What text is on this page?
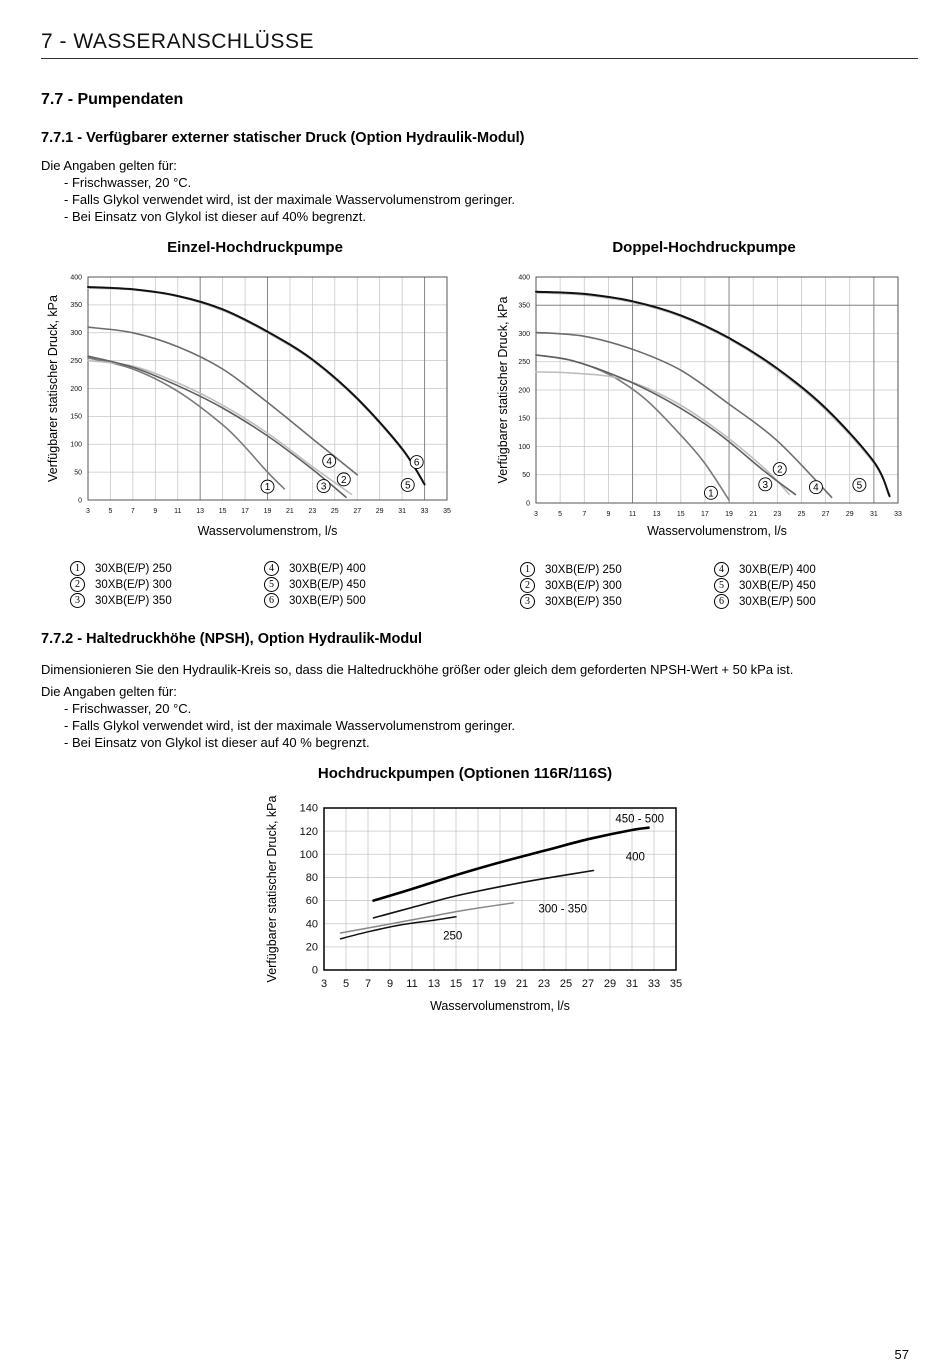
7 - WASSERANSCHLÜSSE
7.7 - Pumpendaten
7.7.1 - Verfügbarer externer statischer Druck (Option Hydraulik-Modul)
Die Angaben gelten für:
- Frischwasser, 20 °C.
- Falls Glykol verwendet wird, ist der maximale Wasservolumenstrom geringer.
- Bei Einsatz von Glykol ist dieser auf 40% begrenzt.
Einzel-Hochdruckpumpe	Doppel-Hochdruckpumpe
0
50
100
150
200
250
300
350
400
3	5	7	9 11 13 15 17 19 21 23 25 27 29 31 33 35
Wasservolumenstrom, l/s
Verfügbarer statischer Druck, kPa
1	3
2
4
5
6
0
50
100
150
200
250
300
350
400
3	5	7	9	11 13 15 17 19 21 23 25 27 29 31 33
Wasservolumenstrom, l/s
Verfügbarer statischer Druck, kPa
1
3
2
4	5
1 30XB(E/P) 250
2 30XB(E/P) 300
3 30XB(E/P) 350
4 30XB(E/P) 400
5 30XB(E/P) 450
6 30XB(E/P) 500
1 30XB(E/P) 250
2 30XB(E/P) 300
3 30XB(E/P) 350
4 30XB(E/P) 400
5 30XB(E/P) 450
6 30XB(E/P) 500
7.7.2 - Haltedruckhöhe (NPSH), Option Hydraulik-Modul
Dimensionieren Sie den Hydraulik-Kreis so, dass die Haltedruckhöhe größer oder gleich dem geforderten NPSH-Wert + 50 kPa ist.
Die Angaben gelten für:
- Frischwasser, 20 °C.
- Falls Glykol verwendet wird, ist der maximale Wasservolumenstrom geringer.
- Bei Einsatz von Glykol ist dieser auf 40 % begrenzt.
Hochdruckpumpen (Optionen 116R/116S)
0
20
40
60
80
100
120
140
3 5 7 9 11 13 15 17 19 21 23 25 27 29 31 33 35
Wasservolumenstrom, l/s
Verfügbarer statischer Druck, kPa	450 - 500
400
300 - 350
250
57
